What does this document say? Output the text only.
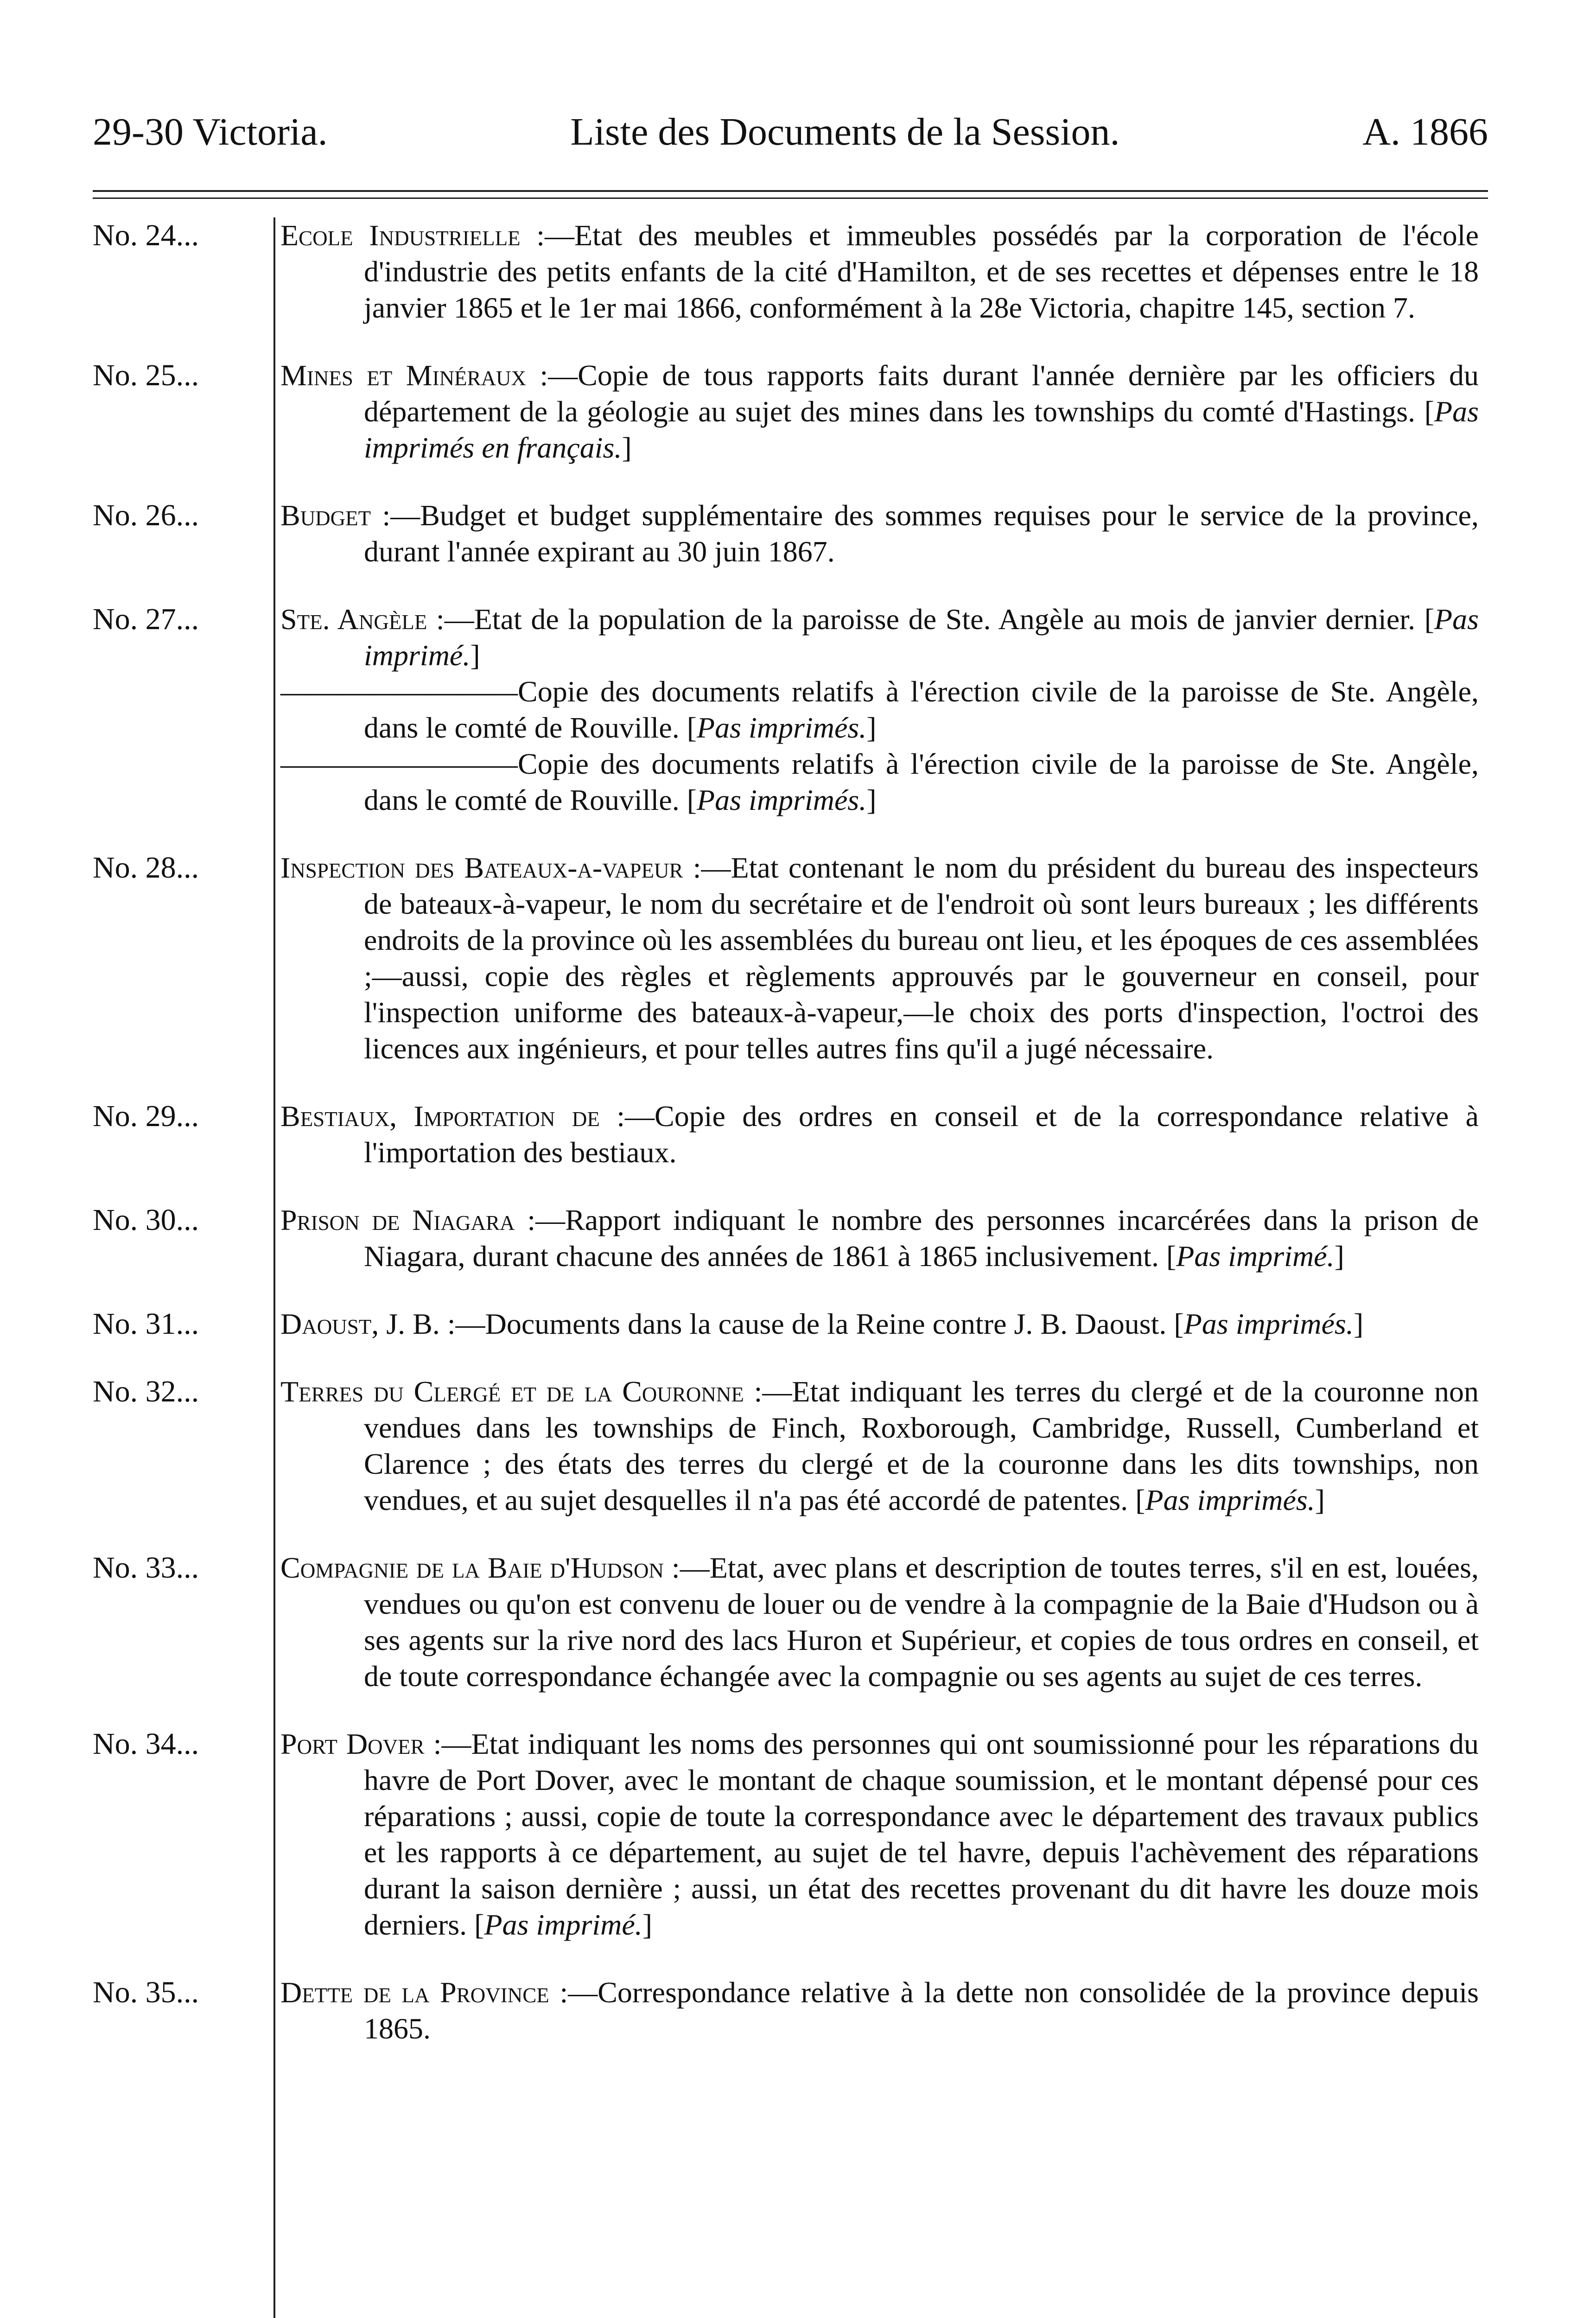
29-30 Victoria.	Liste des Documents de la Session.	A. 1866
No. 24...	Ecole Industrielle :—Etat des meubles et immeubles possédés par la corporation de l'école d'industrie des petits enfants de la cité d'Hamilton, et de ses recettes et dépenses entre le 18 janvier 1865 et le 1er mai 1866, conformément à la 28e Victoria, chapitre 145, section 7.

No. 25...	Mines et Minéraux :—Copie de tous rapports faits durant l'année dernière par les officiers du département de la géologie au sujet des mines dans les townships du comté d'Hastings. [ Pas imprimés en français. ]

No. 26...	Budget :—Budget et budget supplémentaire des sommes requises pour le service de la province, durant l'année expirant au 30 juin 1867.

No. 27...	Ste. Angèle :—Etat de la population de la paroisse de Ste. Angèle au mois de janvier dernier. [ Pas imprimé. ]

————————Copie des documents relatifs à l'érection civile de la paroisse de Ste. Angèle, dans le comté de Rouville. [ Pas imprimés. ]

————————Copie des documents relatifs à l'érection civile de la paroisse de Ste. Angèle, dans le comté de Rouville. [ Pas imprimés. ]

No. 28...	Inspection des Bateaux-a-vapeur :—Etat contenant le nom du président du bureau des inspecteurs de bateaux-à-vapeur, le nom du secrétaire et de l'endroit où sont leurs bureaux ; les différents endroits de la province où les assemblées du bureau ont lieu, et les époques de ces assemblées ;—aussi, copie des règles et règlements approuvés par le gouverneur en conseil, pour l'inspection uniforme des bateaux-à-vapeur,—le choix des ports d'inspection, l'octroi des licences aux ingénieurs, et pour telles autres fins qu'il a jugé nécessaire.

No. 29...	Bestiaux, Importation de :—Copie des ordres en conseil et de la correspondance relative à l'importation des bestiaux.

No. 30...	Prison de Niagara :—Rapport indiquant le nombre des personnes incarcérées dans la prison de Niagara, durant chacune des années de 1861 à 1865 inclusivement. [ Pas imprimé. ]

No. 31...	Daoust, J. B. :—Documents dans la cause de la Reine contre J. B. Daoust. [ Pas imprimés. ]

No. 32...	Terres du Clergé et de la Couronne :—Etat indiquant les terres du clergé et de la couronne non vendues dans les townships de Finch, Roxborough, Cambridge, Russell, Cumberland et Clarence ; des états des terres du clergé et de la couronne dans les dits townships, non vendues, et au sujet desquelles il n'a pas été accordé de patentes. [ Pas imprimés. ]

No. 33...	Compagnie de la Baie d'Hudson :—Etat, avec plans et description de toutes terres, s'il en est, louées, vendues ou qu'on est convenu de louer ou de vendre à la compagnie de la Baie d'Hudson ou à ses agents sur la rive nord des lacs Huron et Supérieur, et copies de tous ordres en conseil, et de toute correspondance échangée avec la compagnie ou ses agents au sujet de ces terres.

No. 34...	Port Dover :—Etat indiquant les noms des personnes qui ont soumissionné pour les réparations du havre de Port Dover, avec le montant de chaque soumission, et le montant dépensé pour ces réparations ; aussi, copie de toute la correspondance avec le département des travaux publics et les rapports à ce département, au sujet de tel havre, depuis l'achèvement des réparations durant la saison dernière ; aussi, un état des recettes provenant du dit havre les douze mois derniers. [ Pas imprimé. ]

No. 35...	Dette de la Province :—Correspondance relative à la dette non consolidée de la province depuis 1865.
